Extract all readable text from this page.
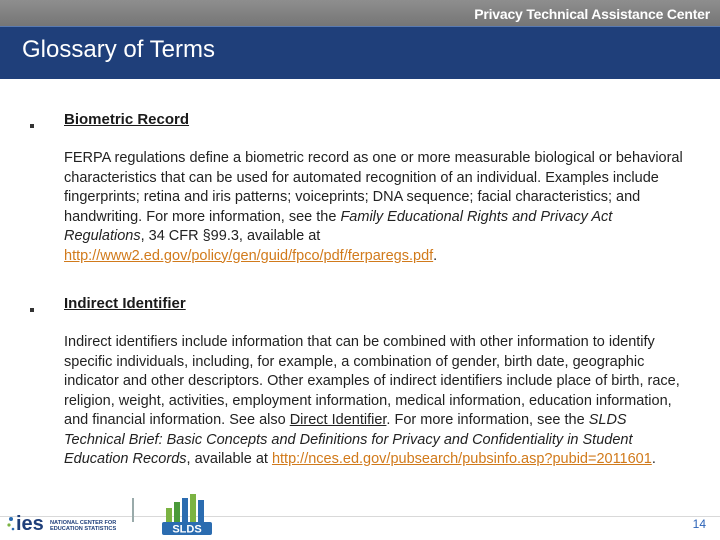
Privacy Technical Assistance Center
Glossary of Terms
Biometric Record
FERPA regulations define a biometric record as one or more measurable biological or behavioral characteristics that can be used for automated recognition of an individual. Examples include fingerprints; retina and iris patterns; voiceprints; DNA sequence; facial characteristics; and handwriting. For more information, see the Family Educational Rights and Privacy Act Regulations, 34 CFR §99.3, available at http://www2.ed.gov/policy/gen/guid/fpco/pdf/ferparegs.pdf.
Indirect Identifier
Indirect identifiers include information that can be combined with other information to identify specific individuals, including, for example, a combination of gender, birth date, geographic indicator and other descriptors. Other examples of indirect identifiers include place of birth, race, religion, weight, activities, employment information, medical information, education information, and financial information. See also Direct Identifier. For more information, see the SLDS Technical Brief: Basic Concepts and Definitions for Privacy and Confidentiality in Student Education Records, available at http://nces.ed.gov/pubsearch/pubsinfo.asp?pubid=2011601.
ies NATIONAL CENTER FOR
EDUCATION STATISTICS	SLDS	14
